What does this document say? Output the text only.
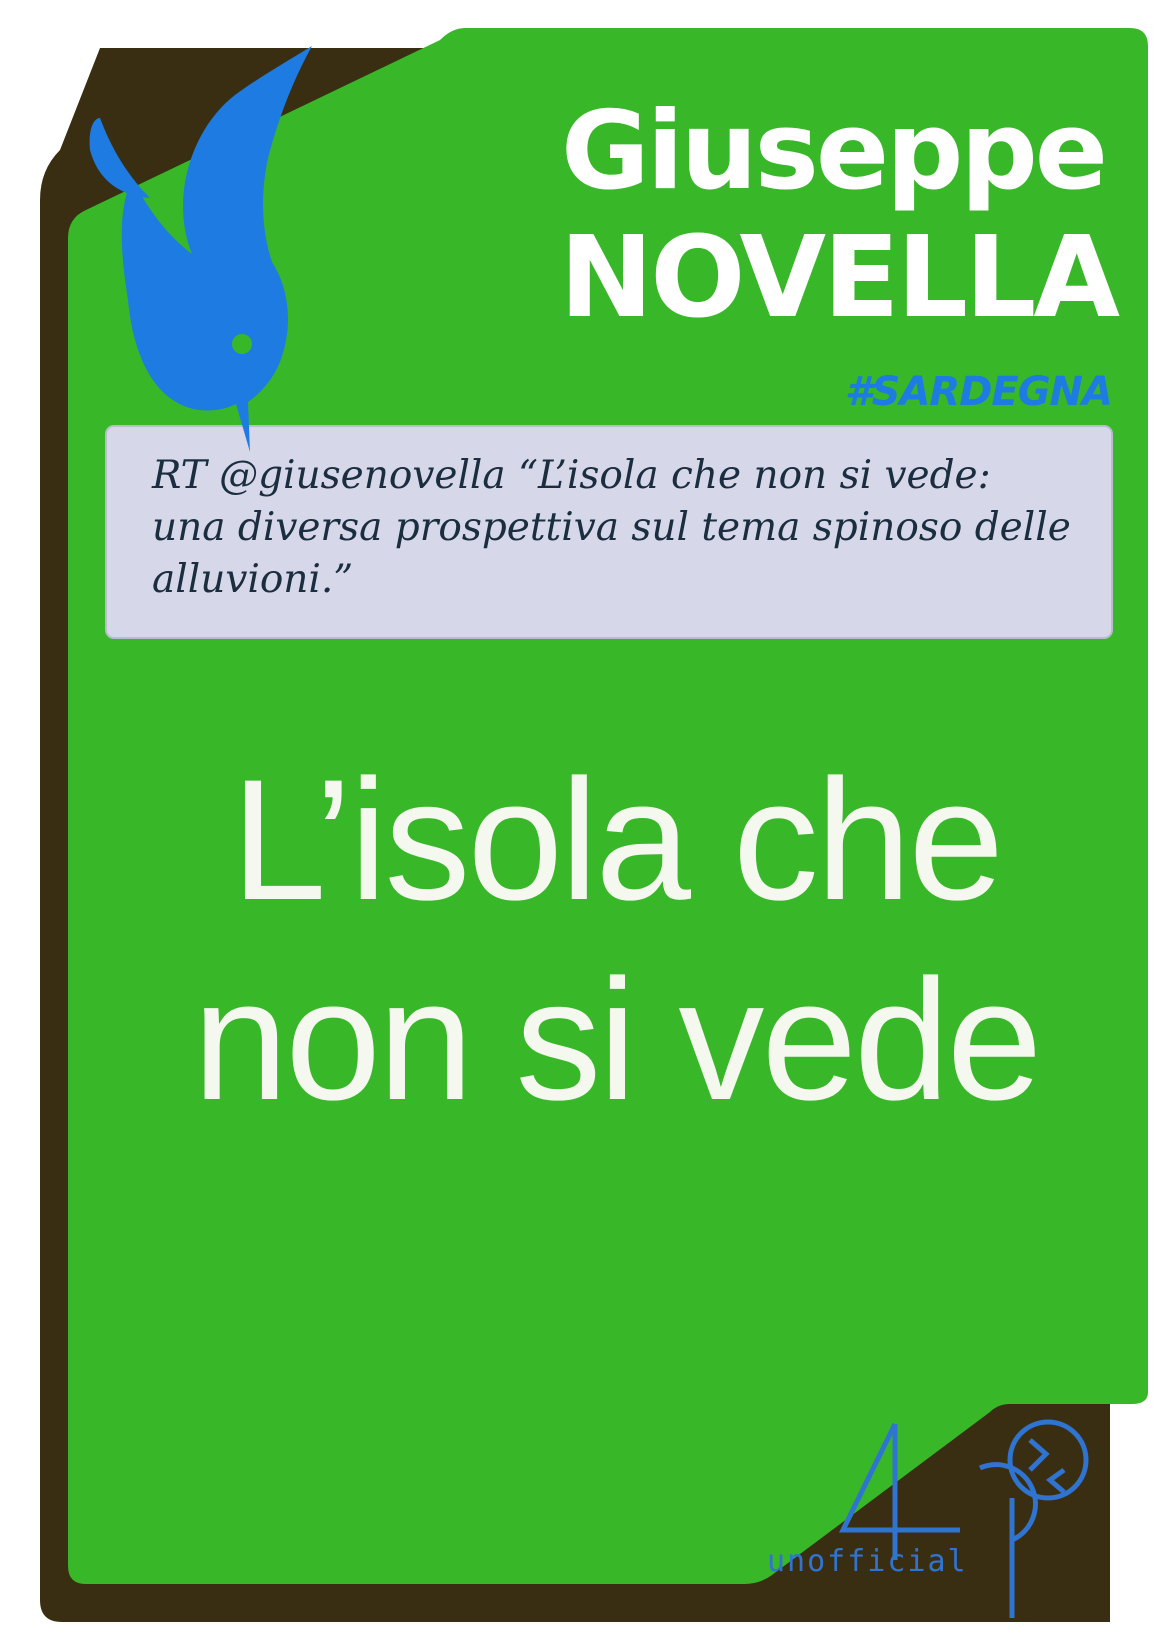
Giuseppe
NOVELLA
#SARDEGNA
RT @giusenovella “L’isola che non si vede: una diversa prospettiva sul tema spinoso delle alluvioni.”
L’isola che non si vede
unofficial
